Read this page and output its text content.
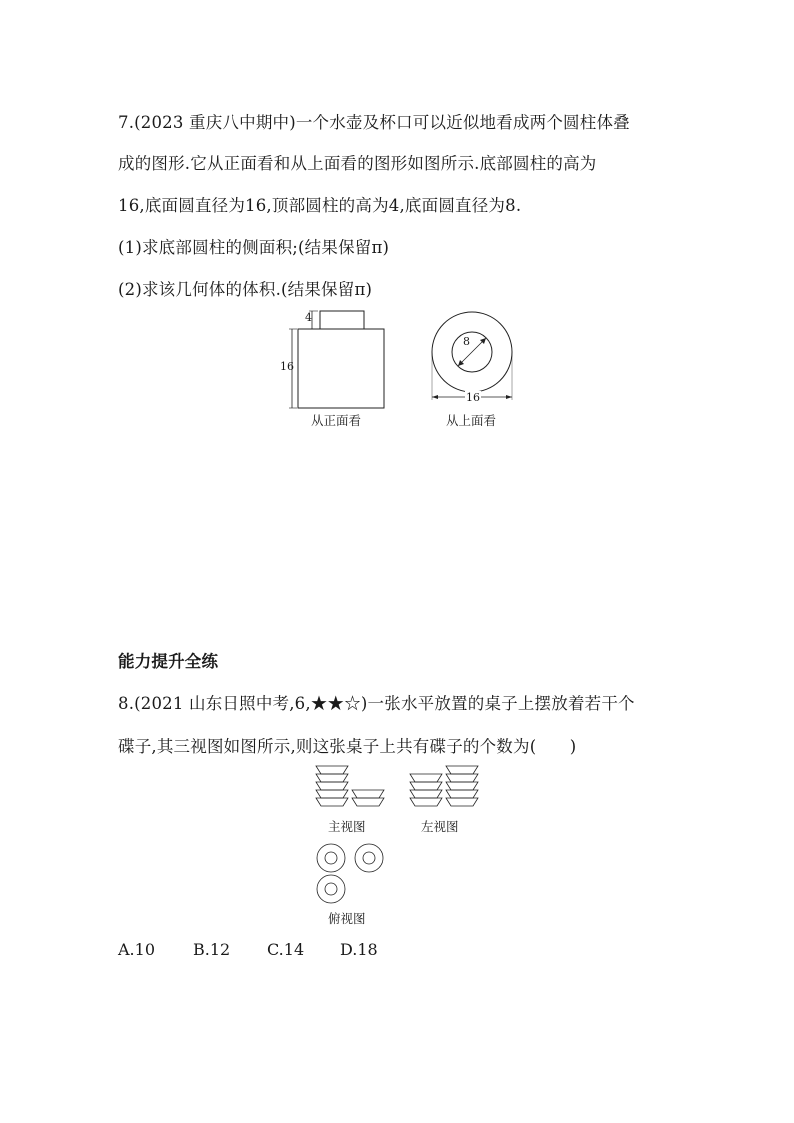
7.(2023 重庆八中期中)一个水壶及杯口可以近似地看成两个圆柱体叠
成的图形.它从正面看和从上面看的图形如图所示.底部圆柱的高为
16,底面圆直径为16,顶部圆柱的高为4,底面圆直径为8.
(1)求底部圆柱的侧面积;(结果保留π)
(2)求该几何体的体积.(结果保留π)
4
16
从正面看
8
16
从上面看
能力提升全练
8.(2021 山东日照中考,6,★★☆)一张水平放置的桌子上摆放着若干个
碟子,其三视图如图所示,则这张桌子上共有碟子的个数为(　　)
主视图	左视图
俯视图
A.10 B.12 C.14 D.18
